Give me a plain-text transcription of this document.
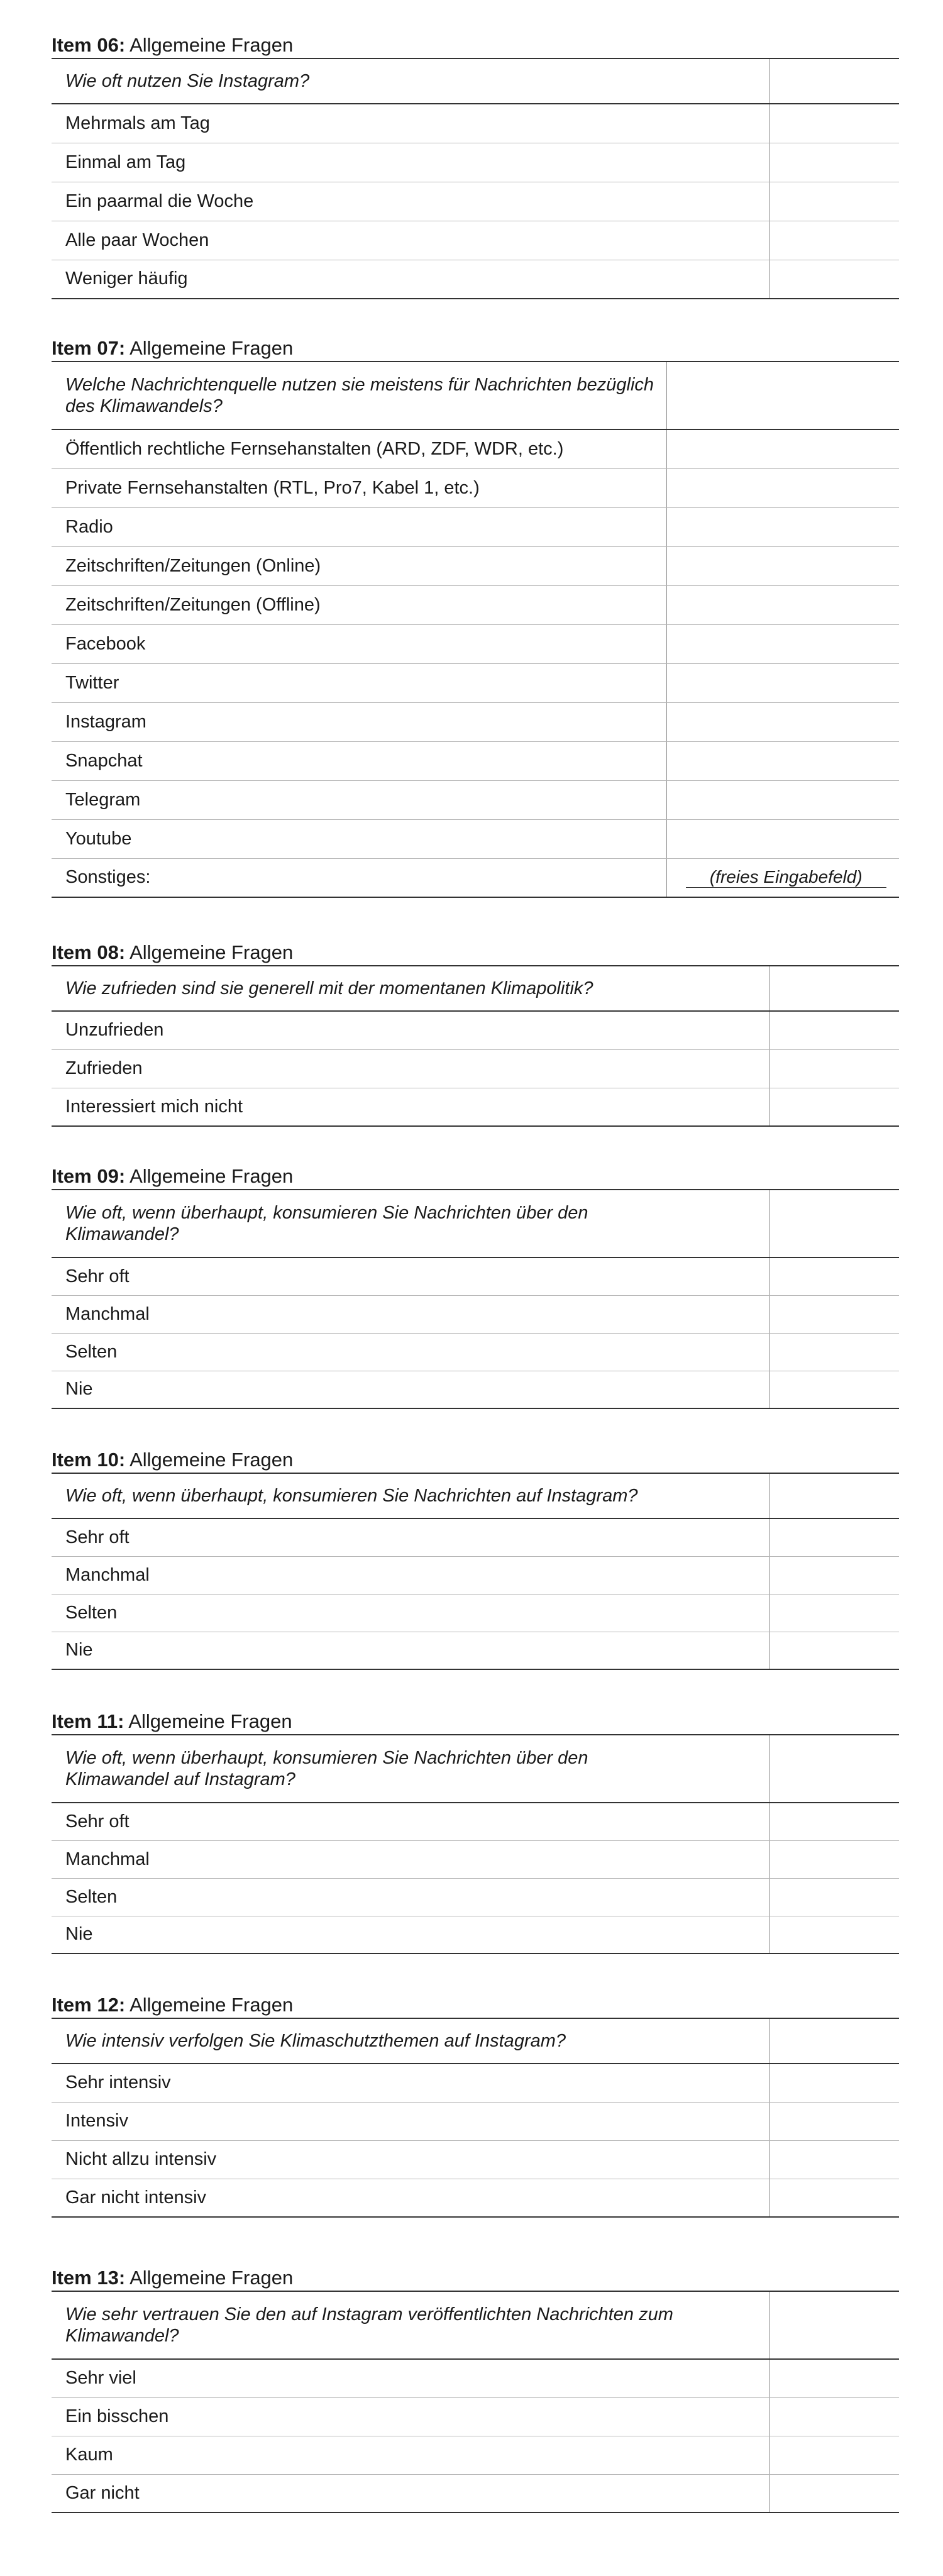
Item 06: Allgemeine Fragen
Wie oft nutzen Sie Instagram?	

Mehrmals am Tag	
Einmal am Tag	
Ein paarmal die Woche	
Alle paar Wochen	
Weniger häufig	
Item 07: Allgemeine Fragen
Welche Nachrichtenquelle nutzen sie meistens für Nachrichten bezüglich des Klimawandels?	

Öffentlich rechtliche Fernsehanstalten (ARD, ZDF, WDR, etc.)	
Private Fernsehanstalten (RTL, Pro7, Kabel 1, etc.)	
Radio	
Zeitschriften/Zeitungen (Online)	
Zeitschriften/Zeitungen (Offline)	
Facebook	
Twitter	
Instagram	
Snapchat	
Telegram	
Youtube	
Sonstiges:	(freies Eingabefeld)
Item 08: Allgemeine Fragen
Wie zufrieden sind sie generell mit der momentanen Klimapolitik?	

Unzufrieden	
Zufrieden	
Interessiert mich nicht	
Item 09: Allgemeine Fragen
Wie oft, wenn überhaupt, konsumieren Sie Nachrichten über den Klimawandel?	

Sehr oft	
Manchmal	
Selten	
Nie	
Item 10: Allgemeine Fragen
Wie oft, wenn überhaupt, konsumieren Sie Nachrichten auf Instagram?	

Sehr oft	
Manchmal	
Selten	
Nie	
Item 11: Allgemeine Fragen
Wie oft, wenn überhaupt, konsumieren Sie Nachrichten über den Klimawandel auf Instagram?	

Sehr oft	
Manchmal	
Selten	
Nie	
Item 12: Allgemeine Fragen
Wie intensiv verfolgen Sie Klimaschutzthemen auf Instagram?	

Sehr intensiv	
Intensiv	
Nicht allzu intensiv	
Gar nicht intensiv	
Item 13: Allgemeine Fragen
Wie sehr vertrauen Sie den auf Instagram veröffentlichten Nachrichten zum Klimawandel?	

Sehr viel	
Ein bisschen	
Kaum	
Gar nicht	
